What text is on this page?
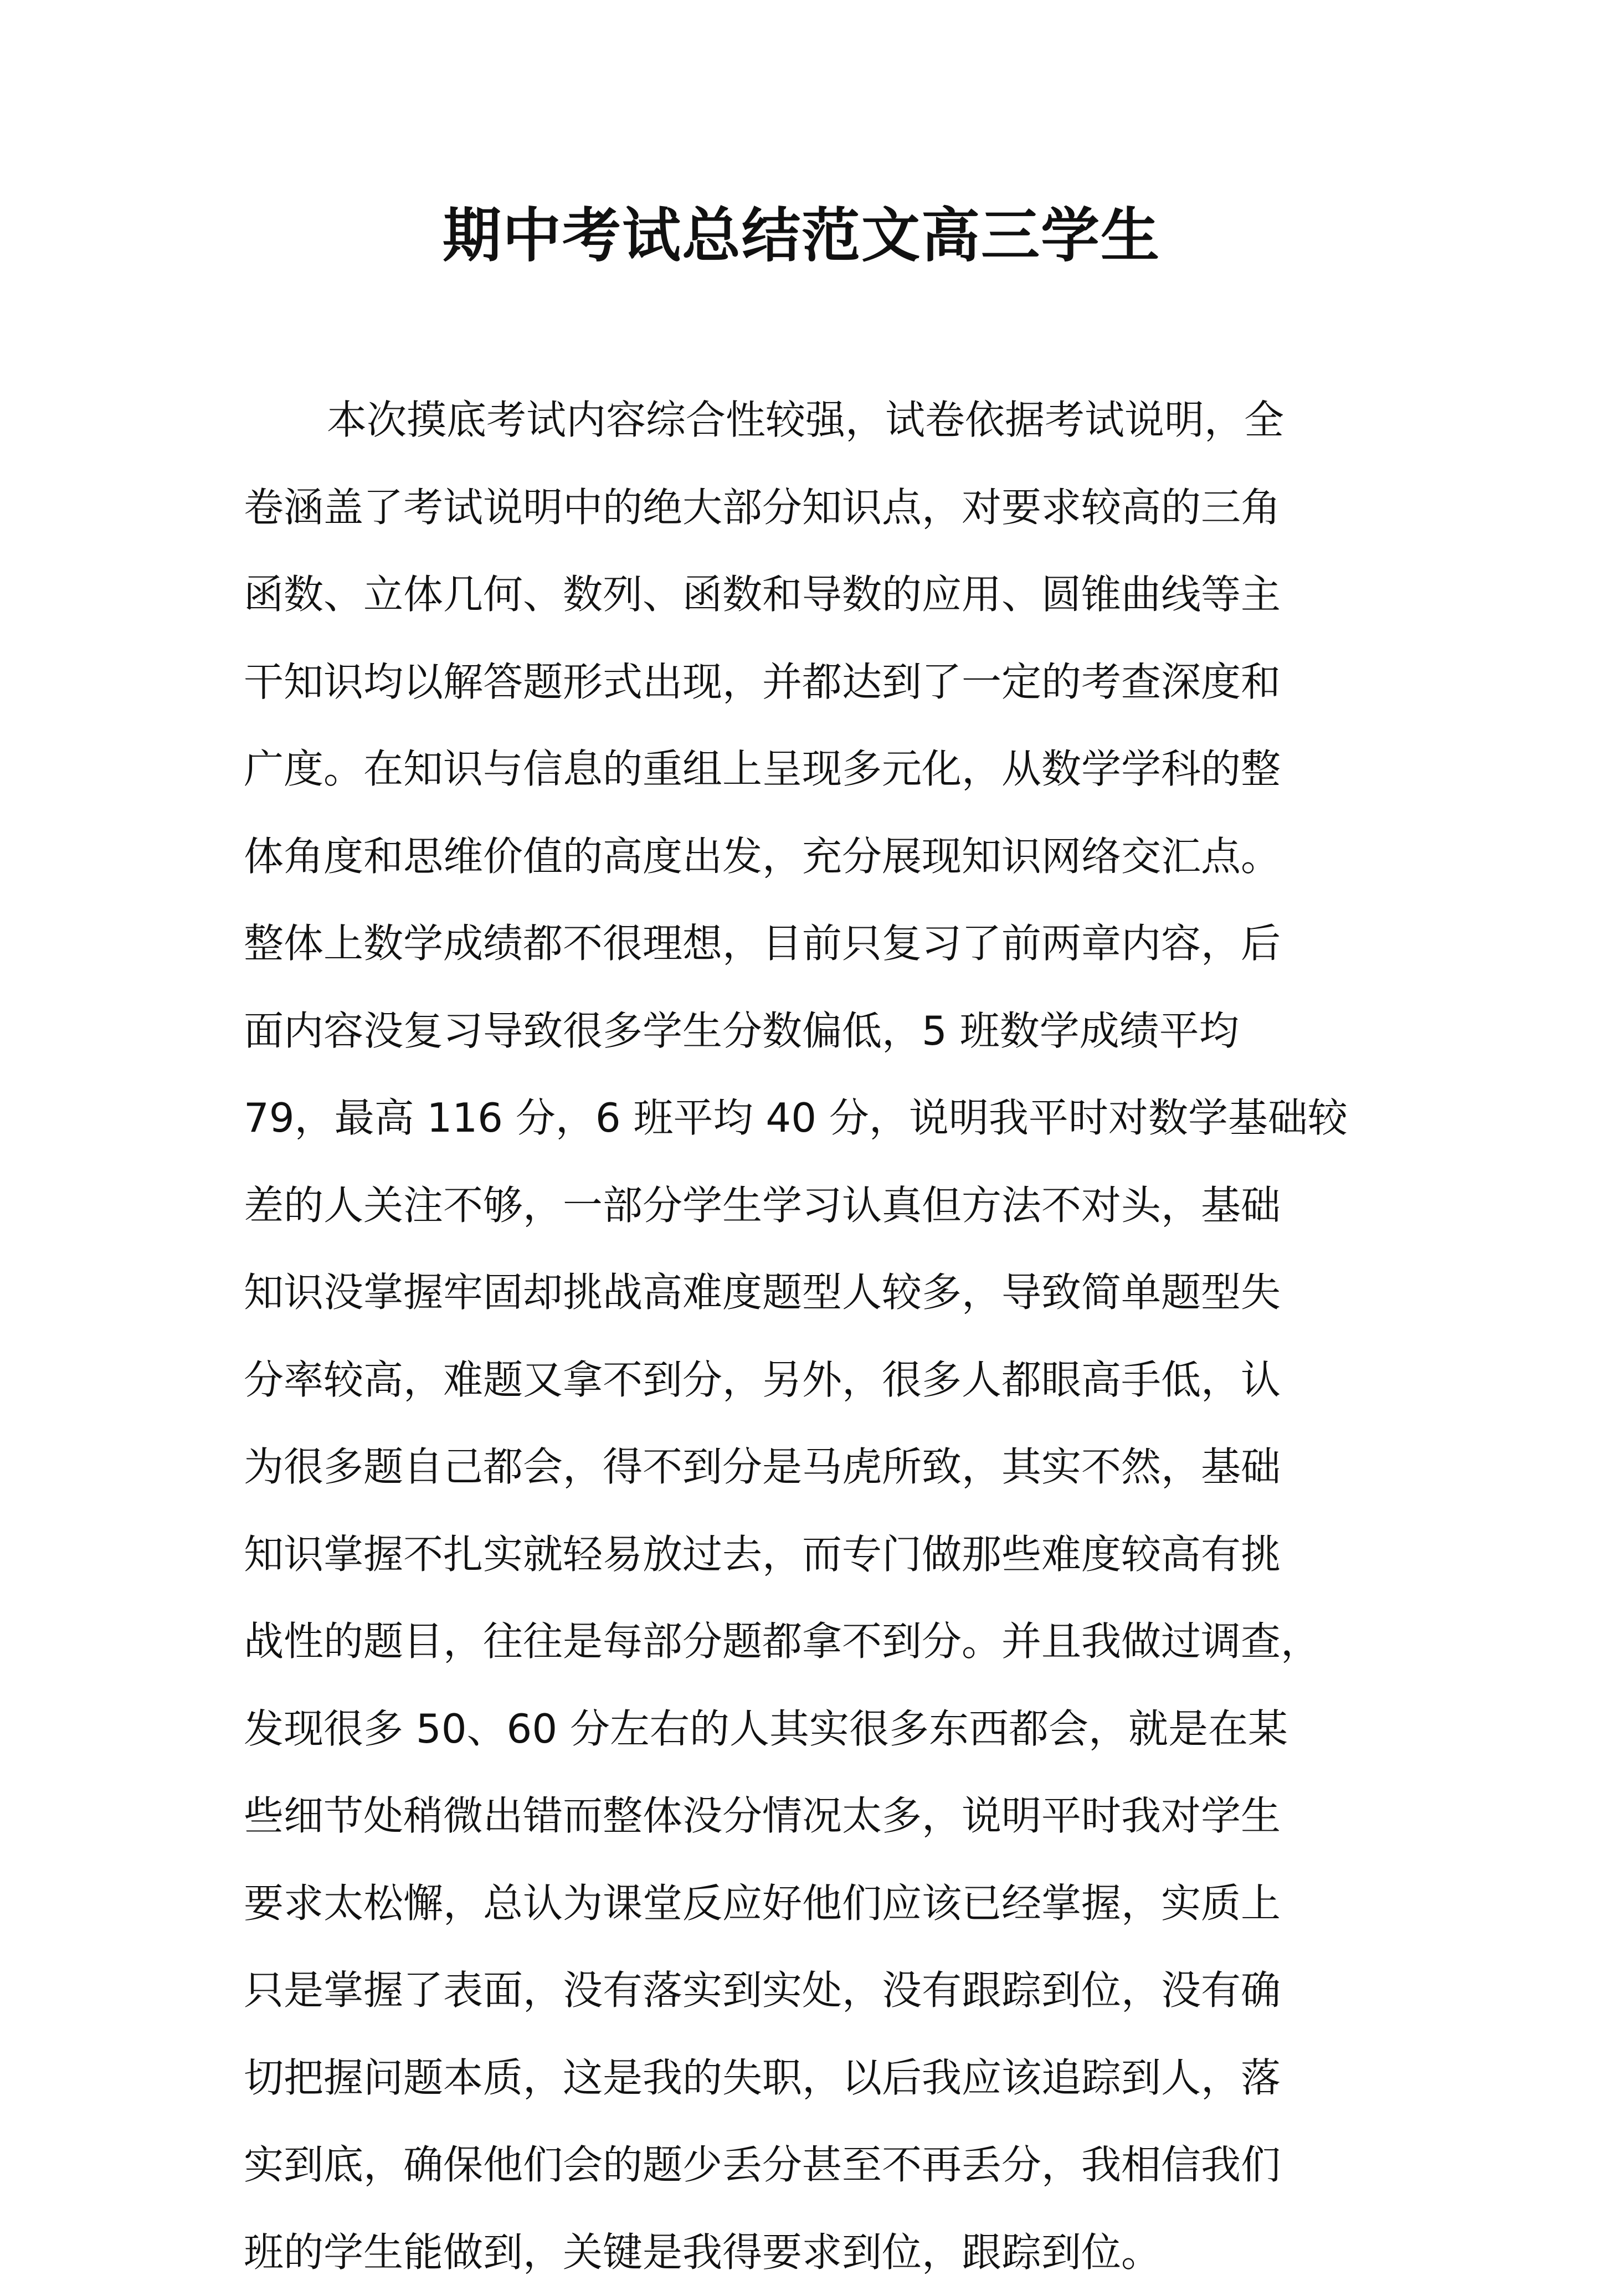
期中考试总结范文高三学生
本次摸底考试内容综合性较强，试卷依据考试说明，全
卷涵盖了考试说明中的绝大部分知识点，对要求较高的三角
函数、立体几何、数列、函数和导数的应用、圆锥曲线等主
干知识均以解答题形式出现，并都达到了一定的考查深度和
广度。在知识与信息的重组上呈现多元化，从数学学科的整
体角度和思维价值的高度出发，充分展现知识网络交汇点。
整体上数学成绩都不很理想，目前只复习了前两章内容，后
面内容没复习导致很多学生分数偏低，5 班数学成绩平均
79，最高 116 分，6 班平均 40 分，说明我平时对数学基础较
差的人关注不够，一部分学生学习认真但方法不对头，基础
知识没掌握牢固却挑战高难度题型人较多，导致简单题型失
分率较高，难题又拿不到分，另外，很多人都眼高手低，认
为很多题自己都会，得不到分是马虎所致，其实不然，基础
知识掌握不扎实就轻易放过去，而专门做那些难度较高有挑
战性的题目，往往是每部分题都拿不到分。并且我做过调查，
发现很多 50、60 分左右的人其实很多东西都会，就是在某
些细节处稍微出错而整体没分情况太多，说明平时我对学生
要求太松懈，总认为课堂反应好他们应该已经掌握，实质上
只是掌握了表面，没有落实到实处，没有跟踪到位，没有确
切把握问题本质，这是我的失职，以后我应该追踪到人，落
实到底，确保他们会的题少丢分甚至不再丢分，我相信我们
班的学生能做到，关键是我得要求到位，跟踪到位。
